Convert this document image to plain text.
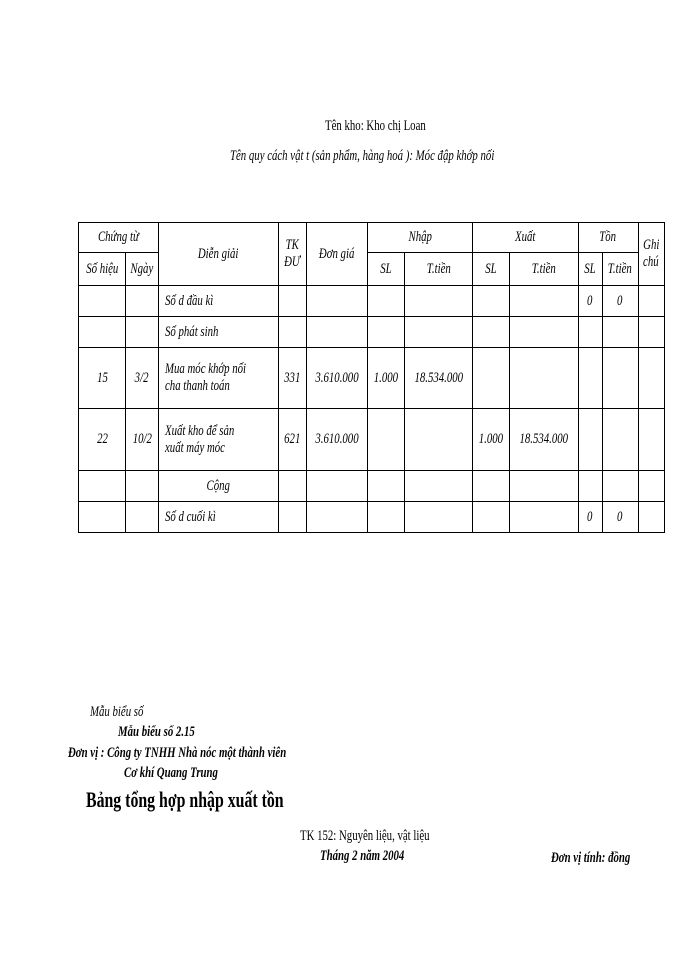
Tên kho: Kho chị Loan
Tên quy cách vật t (sản phẩm, hàng hoá ): Móc đập khớp nối
Chứng từ		Diễn giải	TK
ĐƯ	Đơn giá	Nhập		Xuất		Tồn		Ghi
chú
Số hiệu	Ngày				SL	T.tiền	SL	T.tiền	SL	T.tiền	
		Số d đầu kì							0	0	
		Số phát sinh									
15	3/2	Mua móc khớp nối
cha thanh toán	331	3.610.000	1.000	18.534.000					
22	10/2	Xuất kho để sản
xuất máy móc	621	3.610.000			1.000	18.534.000			
		Cộng									
		Số d cuối kì							0	0	
Mẫu biểu số
Mẫu biểu số 2.15
Đơn vị : Công ty TNHH Nhà nóc một thành viên
Cơ khí Quang Trung
Bảng tổng hợp nhập xuất tồn
TK 152: Nguyên liệu, vật liệu
Tháng 2 năm 2004	Đơn vị tính: đồng
